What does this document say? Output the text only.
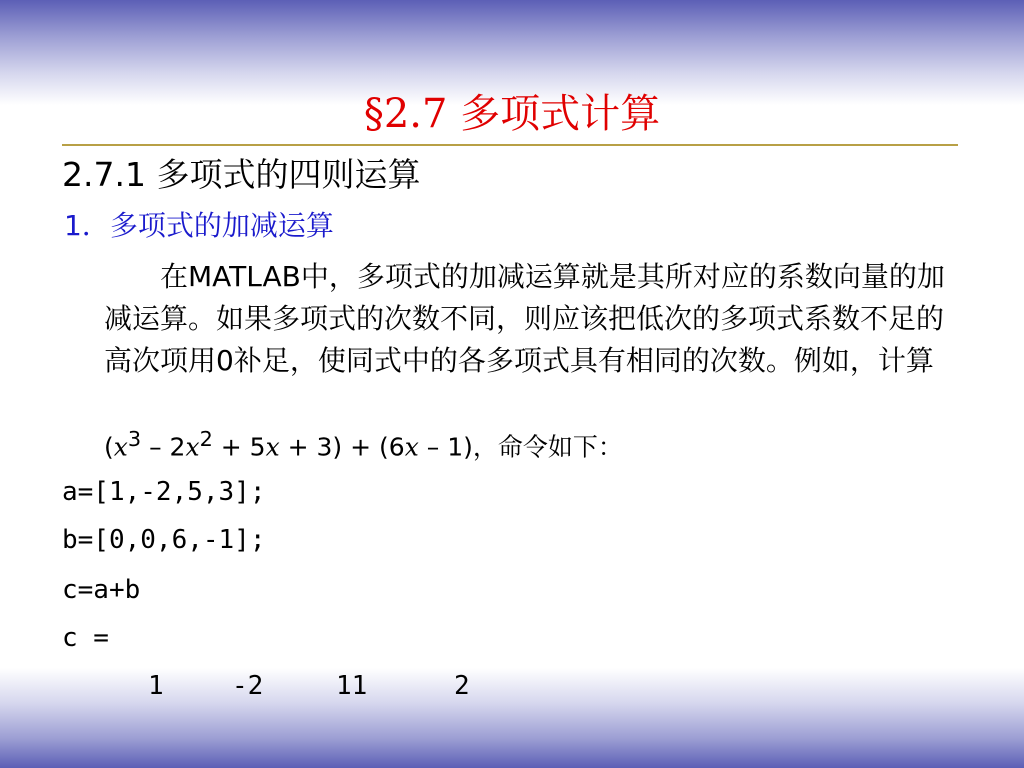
§2.7 多项式计算
2.7.1 多项式的四则运算
1．多项式的加减运算
在MATLAB中，多项式的加减运算就是其所对应的系数向量的加减运算。如果多项式的次数不同，则应该把低次的多项式系数不足的高次项用0补足，使同式中的各多项式具有相同的次数。例如，计算
$(x^3 - 2x^2 + 5x + 3) + (6x - 1)$，命令如下：
a=[1,-2,5,3];
b=[0,0,6,-1];
c=a+b
c =
1	-2	11	2
